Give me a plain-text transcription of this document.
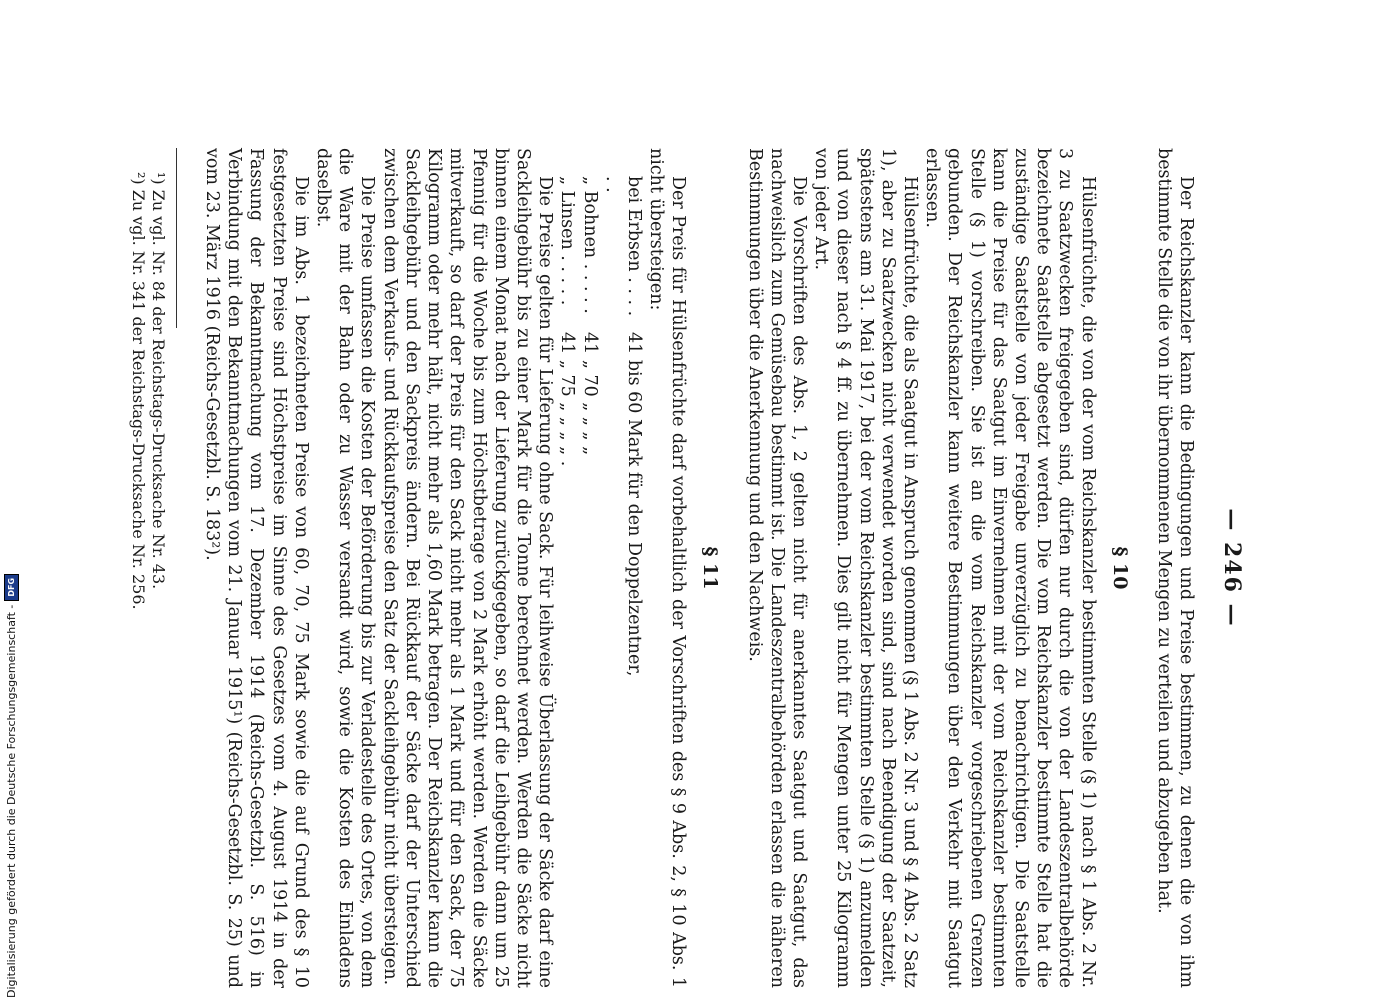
— 246 —

Der Reichskanzler kann die Bedingungen und Preise bestimmen, zu denen die von ihm bestimmte Stelle die von ihr übernommenen Mengen zu verteilen und abzugeben hat.

§ 10

Hülsenfrüchte, die von der vom Reichskanzler bestimmten Stelle (§ 1) nach § 1 Abs. 2 Nr. 3 zu Saatzwecken freigegeben sind, dürfen nur durch die von der Landeszentralbehörde bezeichnete Saatstelle abgesetzt werden. Die vom Reichskanzler bestimmte Stelle hat die zuständige Saatstelle von jeder Freigabe unverzüglich zu benachrichtigen. Die Saatstelle kann die Preise für das Saatgut im Einvernehmen mit der vom Reichskanzler bestimmten Stelle (§ 1) vorschreiben. Sie ist an die vom Reichskanzler vorgeschriebenen Grenzen gebunden. Der Reichskanzler kann weitere Bestimmungen über den Verkehr mit Saatgut erlassen.

Hülsenfrüchte, die als Saatgut in Anspruch genommen (§ 1 Abs. 2 Nr. 3 und § 4 Abs. 2 Satz 1), aber zu Saatzwecken nicht verwendet worden sind, sind nach Beendigung der Saatzeit, spätestens am 31. Mai 1917, bei der vom Reichskanzler bestimmten Stelle (§ 1) anzumelden und von dieser nach § 4 ff. zu übernehmen. Dies gilt nicht für Mengen unter 25 Kilogramm von jeder Art.

Die Vorschriften des Abs. 1, 2 gelten nicht für anerkanntes Saatgut und Saatgut, das nachweislich zum Gemüsebau bestimmt ist. Die Landeszentralbehörden erlassen die näheren Bestimmungen über die Anerkennung und den Nachweis.

§ 11

Der Preis für Hülsenfrüchte darf vorbehaltlich der Vorschriften des § 9 Abs. 2, § 10 Abs. 1 nicht übersteigen:

bei Erbsen . . . . . .
41 bis 60 Mark für den Doppelzentner,
„ Bohnen . . . . .
41 „ 70 „ „ „ „
„ Linsen . . . . .
41 „ 75 „ „ „ „ .

Die Preise gelten für Lieferung ohne Sack. Für leihweise Überlassung der Säcke darf eine Sackleihgebühr bis zu einer Mark für die Tonne berechnet werden. Werden die Säcke nicht binnen einem Monat nach der Lieferung zurückgegeben, so darf die Leihgebühr dann um 25 Pfennig für die Woche bis zum Höchstbetrage von 2 Mark erhöht werden. Werden die Säcke mitverkauft, so darf der Preis für den Sack nicht mehr als 1 Mark und für den Sack, der 75 Kilogramm oder mehr hält, nicht mehr als 1,60 Mark betragen. Der Reichskanzler kann die Sackleihgebühr und den Sackpreis ändern. Bei Rückkauf der Säcke darf der Unterschied zwischen dem Verkaufs- und Rückkaufspreise den Satz der Sackleihgebühr nicht übersteigen.

Die Preise umfassen die Kosten der Beförderung bis zur Verladestelle des Ortes, von dem die Ware mit der Bahn oder zu Wasser versandt wird, sowie die Kosten des Einladens daselbst.

Die im Abs. 1 bezeichneten Preise von 60, 70, 75 Mark sowie die auf Grund des § 10 festgesetzten Preise sind Höchstpreise im Sinne des Gesetzes vom 4. August 1914 in der Fassung der Bekanntmachung vom 17. Dezember 1914 (Reichs-Gesetzbl. S. 516) in Verbindung mit den Bekanntmachungen vom 21. Januar 1915¹) (Reichs-Gesetzbl. S. 25) und vom 23. März 1916 (Reichs-Gesetzbl. S. 183²).

¹) Zu vgl. Nr. 84 der Reichstags-Drucksache Nr. 43.
²) Zu vgl. Nr. 341 der Reichstags-Drucksache Nr. 256.
Digitalisierung gefördert durch die Deutsche Forschungsgemeinschaft -
DFG
